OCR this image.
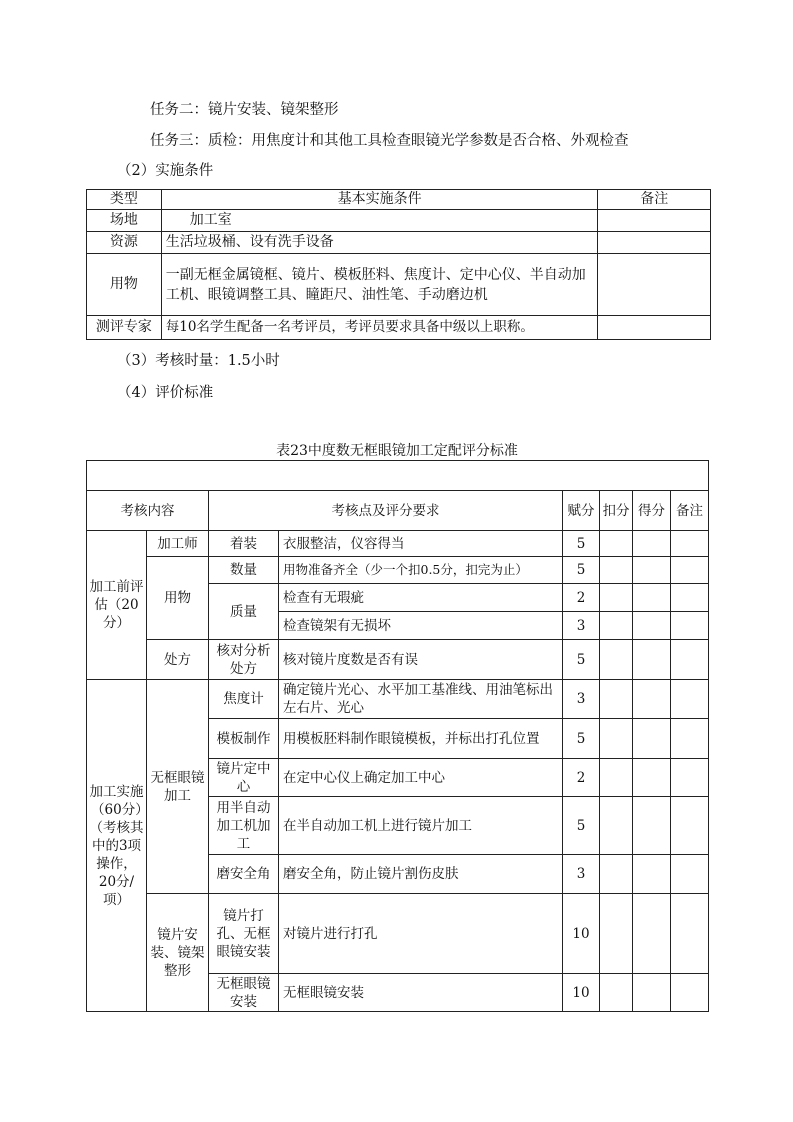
任务二：镜片安装、镜架整形
任务三：质检：用焦度计和其他工具检查眼镜光学参数是否合格、外观检查
（2）实施条件
类型	基本实施条件	备注
场地	加工室	
资源	生活垃圾桶、设有洗手设备	
用物	一副无框金属镜框、镜片、模板胚料、焦度计、定中心仪、半自动加工机、眼镜调整工具、瞳距尺、油性笔、手动磨边机	
测评专家	每10名学生配备一名考评员，考评员要求具备中级以上职称。	
（3）考核时量：1.5小时
（4）评价标准
表23中度数无框眼镜加工定配评分标准

考核内容		考核点及评分要求		赋分	扣分	得分	备注
加工前评估（20分）	加工师	着装	衣服整洁，仪容得当	5			
	用物	数量	用物准备齐全（少一个扣0.5分，扣完为止）	5			
		质量	检查有无瑕疵	2			
			检查镜架有无损坏	3			
	处方	核对分析处方	核对镜片度数是否有误	5			
加工实施（60分）（考核其中的3项操作，20分/项）	无框眼镜加工	焦度计	确定镜片光心、水平加工基准线、用油笔标出左右片、光心	3			
		模板制作	用模板胚料制作眼镜模板，并标出打孔位置	5			
		镜片定中心	在定中心仪上确定加工中心	2			
		用半自动加工机加工	在半自动加工机上进行镜片加工	5			
		磨安全角	磨安全角，防止镜片割伤皮肤	3			
	镜片安装、镜架整形	镜片打孔、无框眼镜安装	对镜片进行打孔	10			
		无框眼镜安装	无框眼镜安装	10			
